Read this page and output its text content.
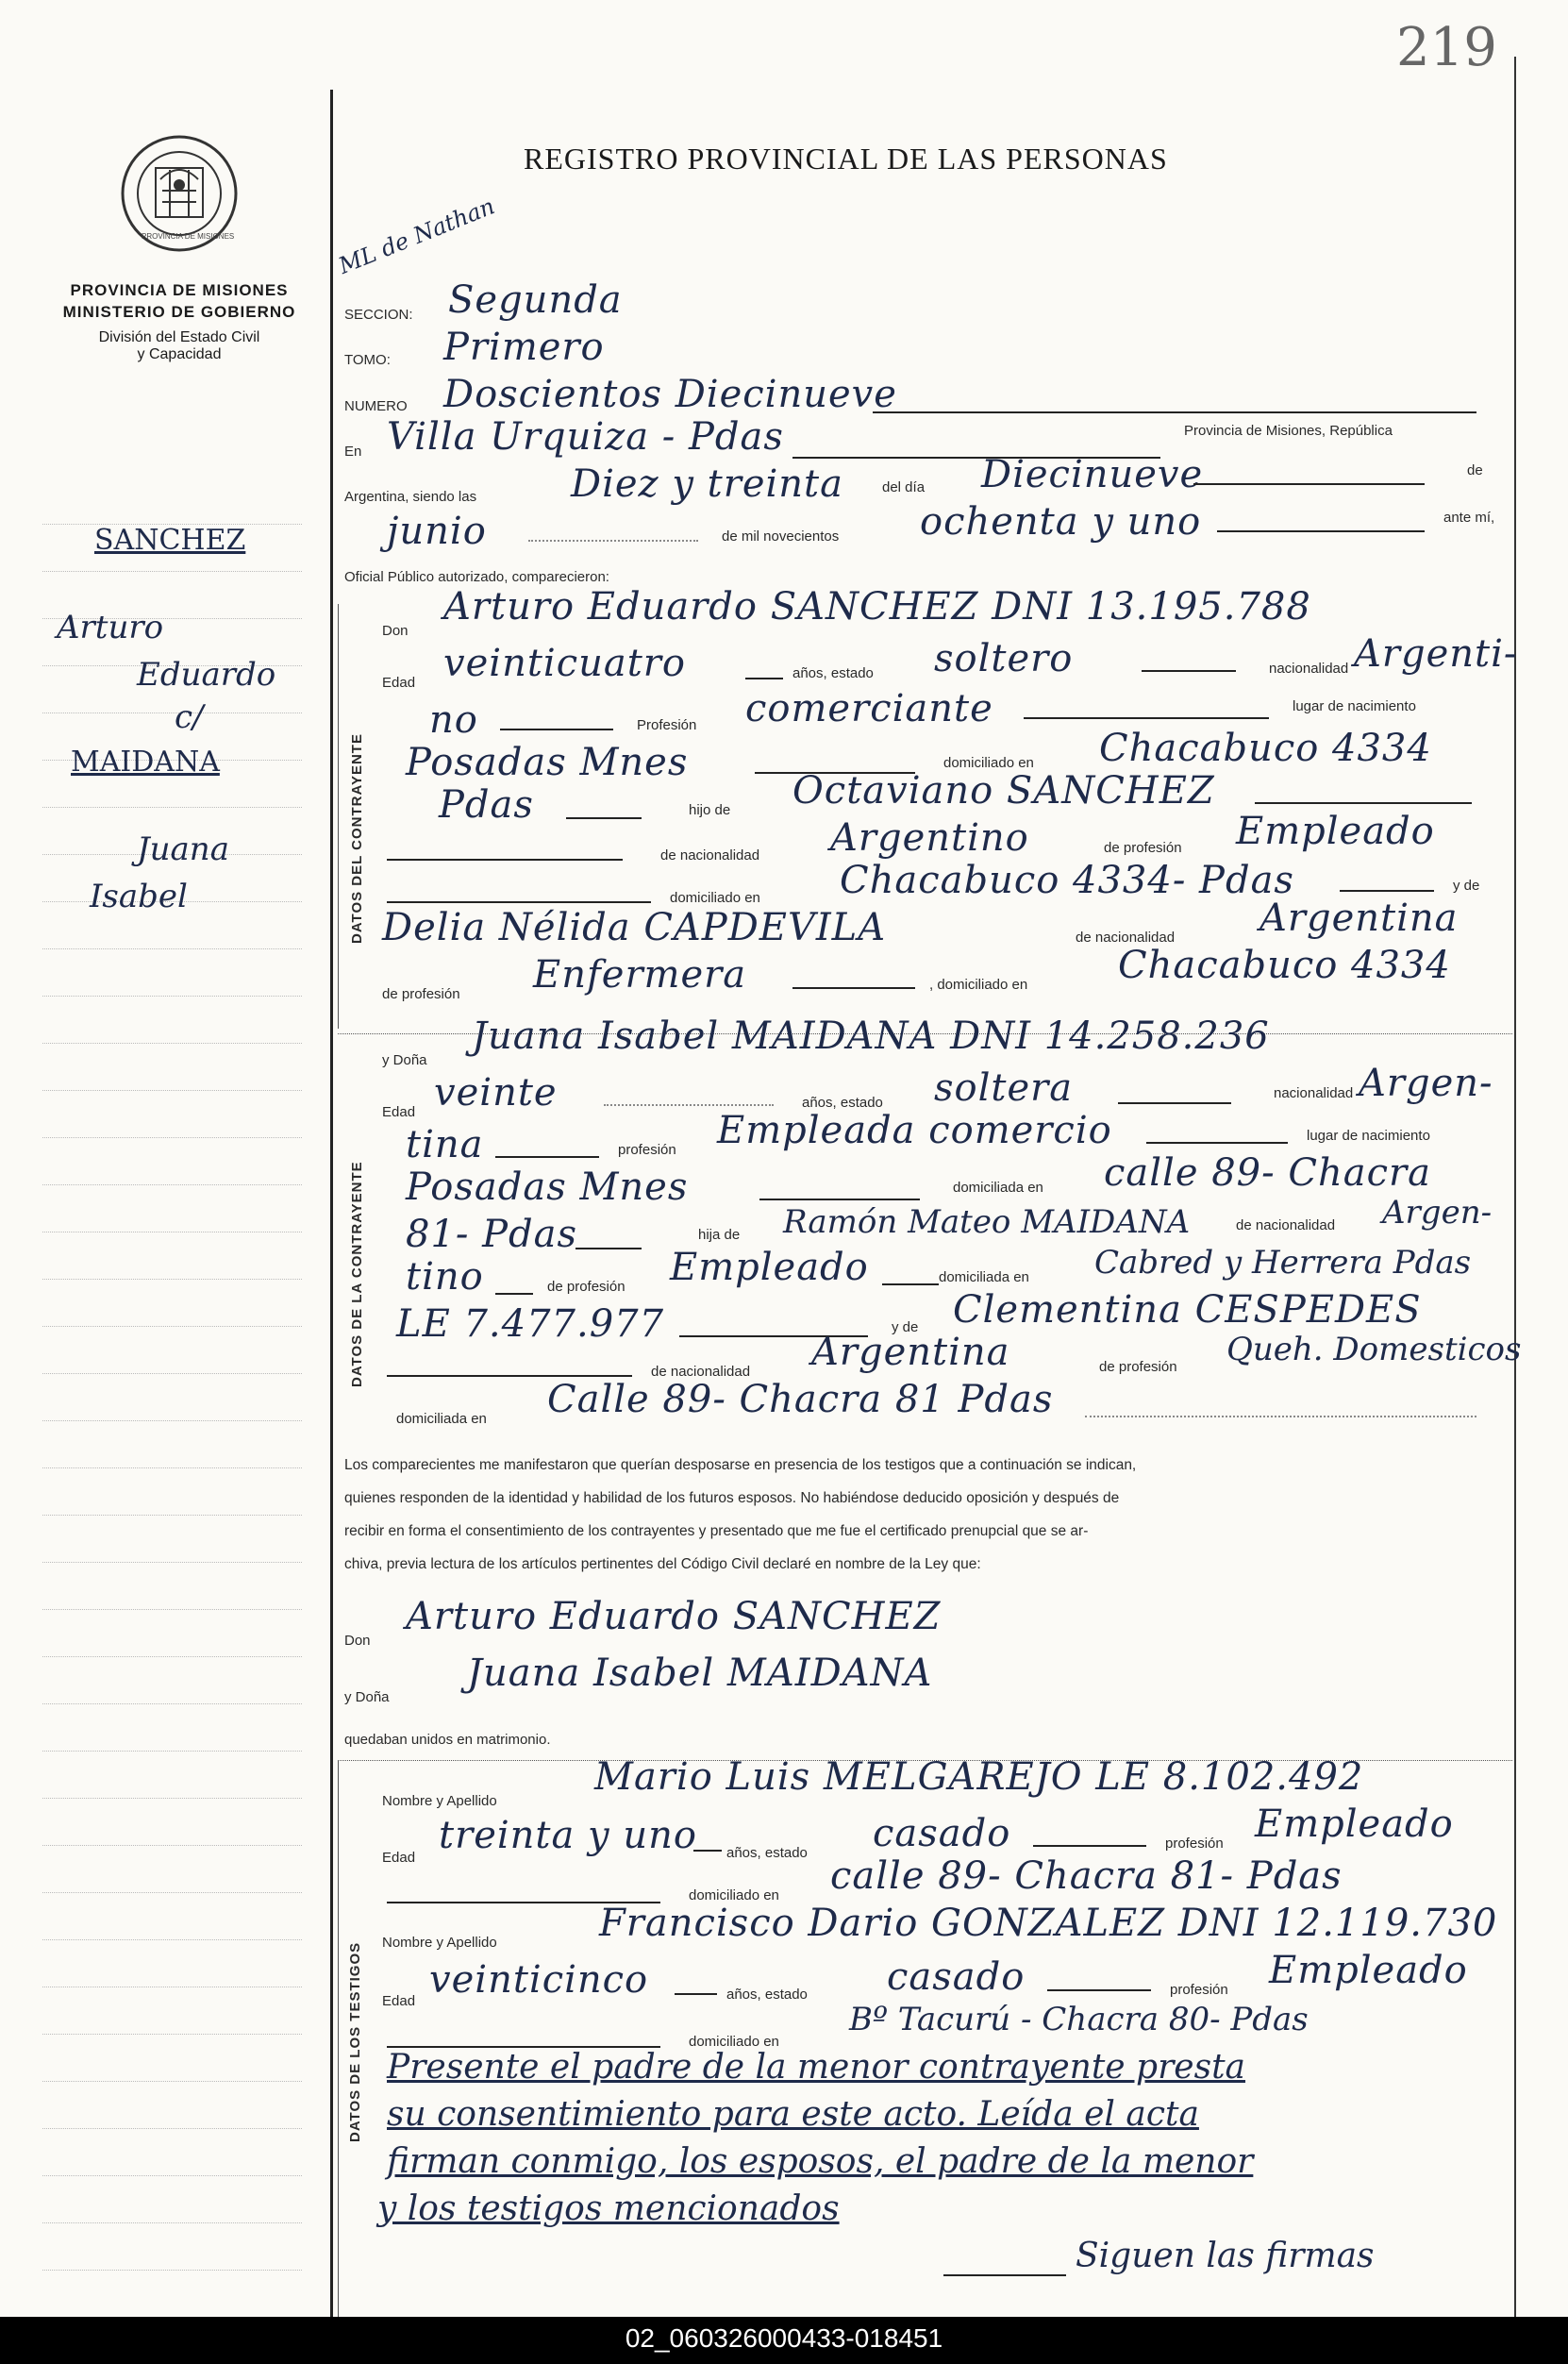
219
PROVINCIA DE MISIONES
PROVINCIA DE MISIONES
MINISTERIO DE GOBIERNO
División del Estado Civil
y Capacidad
SANCHEZ
Arturo
Eduardo
c/
MAIDANA
Juana
Isabel
REGISTRO PROVINCIAL DE LAS PERSONAS
ML de Nathan
SECCION: Segunda
TOMO: Primero
NUMERO Doscientos Diecinueve
En Villa Urquiza - Pdas	Provincia de Misiones, República
Argentina, siendo las Diez y treinta	del día Diecinueve	de
junio	de mil novecientos ochenta y uno	ante mí,
Oficial Público autorizado, comparecieron:
DATOS DEL CONTRAYENTE
Don
Arturo Eduardo SANCHEZ DNI 13.195.788
Edad veinticuatro	años, estado soltero	nacionalidad Argenti-
no	Profesión comerciante	lugar de nacimiento
Posadas Mnes	domiciliado en Chacabuco 4334
Pdas	hijo de Octaviano SANCHEZ
de nacionalidad Argentino	de profesión Empleado
domiciliado en Chacabuco 4334- Pdas	y de
Delia Nélida CAPDEVILA	de nacionalidad Argentina
de profesión Enfermera	, domiciliado en Chacabuco 4334
DATOS DE LA CONTRAYENTE
y Doña
Juana Isabel MAIDANA DNI 14.258.236
Edad veinte	años, estado soltera	nacionalidad Argen-
tina	profesión Empleada comercio	lugar de nacimiento
Posadas Mnes	domiciliada en calle 89- Chacra
81- Pdas	hija de Ramón Mateo MAIDANA	de nacionalidad Argen-
tino	de profesión Empleado	domiciliada en Cabred y Herrera Pdas
LE 7.477.977	y de Clementina CESPEDES
de nacionalidad Argentina	de profesión Queh. Domesticos
domiciliada en Calle 89- Chacra 81 Pdas
Los comparecientes me manifestaron que querían desposarse en presencia de los testigos que a continuación se indican,
quienes responden de la identidad y habilidad de los futuros esposos. No habiéndose deducido oposición y después de
recibir en forma el consentimiento de los contrayentes y presentado que me fue el certificado prenupcial que se ar-
chiva, previa lectura de los artículos pertinentes del Código Civil declaré en nombre de la Ley que:
Don
Arturo Eduardo SANCHEZ
y Doña
Juana Isabel MAIDANA
quedaban unidos en matrimonio.
DATOS DE LOS TESTIGOS
Nombre y Apellido
Mario Luis MELGAREJO LE 8.102.492
Edad
treinta y uno años, estado casado	profesión Empleado
domiciliado en calle 89- Chacra 81- Pdas
Nombre y Apellido	Francisco Dario GONZALEZ DNI 12.119.730
Edad veinticinco	años, estado casado	profesión Empleado
domiciliado en
Bº Tacurú - Chacra 80- Pdas
Presente el padre de la menor contrayente presta
su consentimiento para este acto. Leída el acta
firman conmigo, los esposos, el padre de la menor
y los testigos mencionados
Siguen las firmas
02_060326000433-018451
